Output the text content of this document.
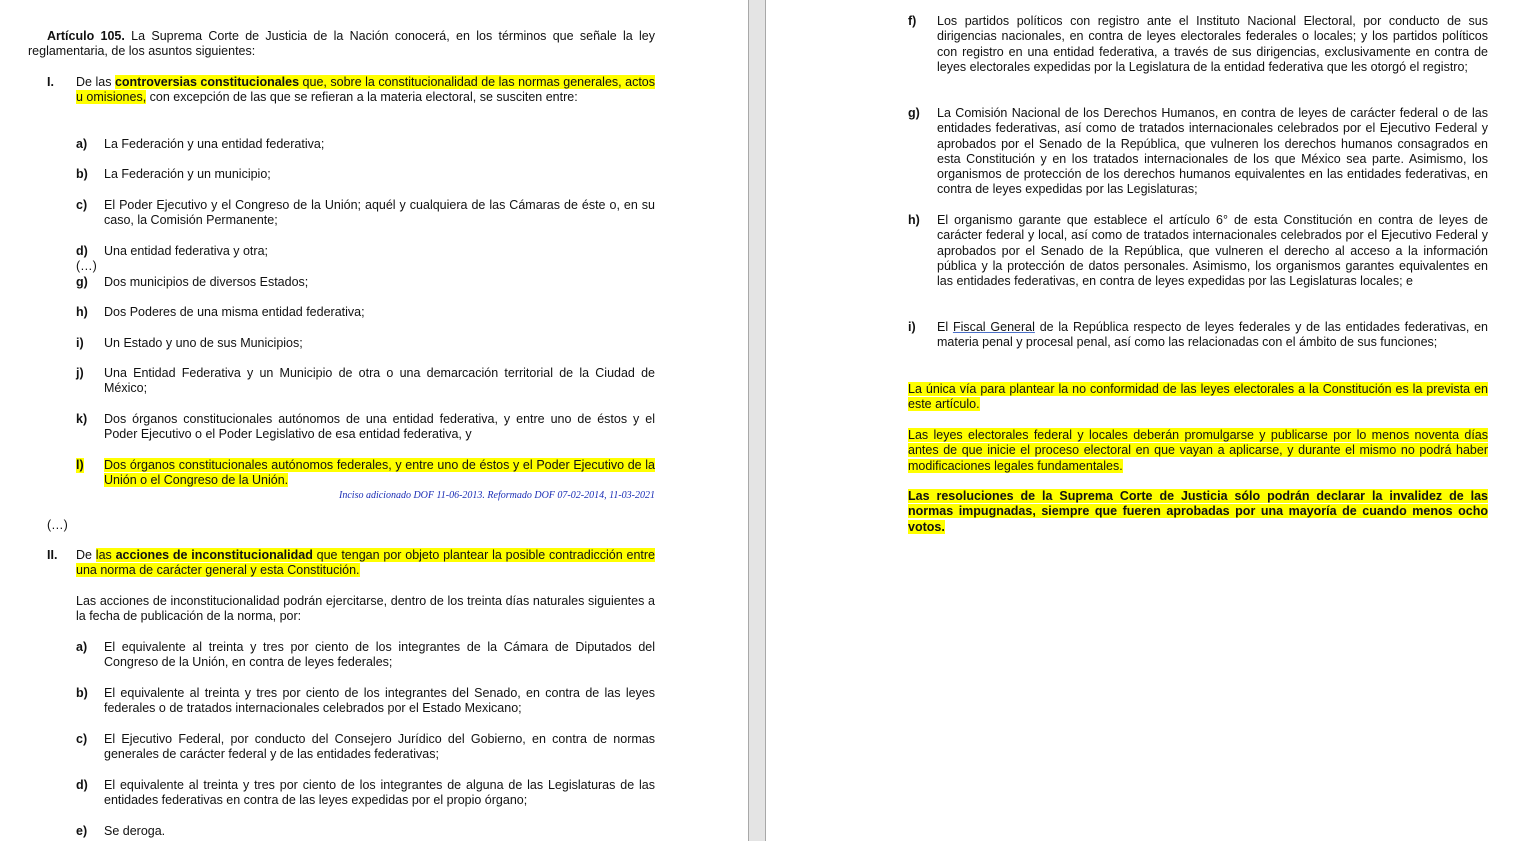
Artículo 105. La Suprema Corte de Justicia de la Nación conocerá, en los términos que señale la ley reglamentaria, de los asuntos siguientes:
I. De las controversias constitucionales que, sobre la constitucionalidad de las normas generales, actos u omisiones, con excepción de las que se refieran a la materia electoral, se susciten entre:
a) La Federación y una entidad federativa;
b) La Federación y un municipio;
c) El Poder Ejecutivo y el Congreso de la Unión; aquél y cualquiera de las Cámaras de éste o, en su caso, la Comisión Permanente;
d) Una entidad federativa y otra;
(…)
g) Dos municipios de diversos Estados;
h) Dos Poderes de una misma entidad federativa;
i) Un Estado y uno de sus Municipios;
j) Una Entidad Federativa y un Municipio de otra o una demarcación territorial de la Ciudad de México;
k) Dos órganos constitucionales autónomos de una entidad federativa, y entre uno de éstos y el Poder Ejecutivo o el Poder Legislativo de esa entidad federativa, y
l) Dos órganos constitucionales autónomos federales, y entre uno de éstos y el Poder Ejecutivo de la Unión o el Congreso de la Unión.
Inciso adicionado DOF 11-06-2013. Reformado DOF 07-02-2014, 11-03-2021
(…)
II. De las acciones de inconstitucionalidad que tengan por objeto plantear la posible contradicción entre una norma de carácter general y esta Constitución.
Las acciones de inconstitucionalidad podrán ejercitarse, dentro de los treinta días naturales siguientes a la fecha de publicación de la norma, por:
a) El equivalente al treinta y tres por ciento de los integrantes de la Cámara de Diputados del Congreso de la Unión, en contra de leyes federales;
b) El equivalente al treinta y tres por ciento de los integrantes del Senado, en contra de las leyes federales o de tratados internacionales celebrados por el Estado Mexicano;
c) El Ejecutivo Federal, por conducto del Consejero Jurídico del Gobierno, en contra de normas generales de carácter federal y de las entidades federativas;
d) El equivalente al treinta y tres por ciento de los integrantes de alguna de las Legislaturas de las entidades federativas en contra de las leyes expedidas por el propio órgano;
e) Se deroga.
f) Los partidos políticos con registro ante el Instituto Nacional Electoral, por conducto de sus dirigencias nacionales, en contra de leyes electorales federales o locales; y los partidos políticos con registro en una entidad federativa, a través de sus dirigencias, exclusivamente en contra de leyes electorales expedidas por la Legislatura de la entidad federativa que les otorgó el registro;
g) La Comisión Nacional de los Derechos Humanos, en contra de leyes de carácter federal o de las entidades federativas, así como de tratados internacionales celebrados por el Ejecutivo Federal y aprobados por el Senado de la República, que vulneren los derechos humanos consagrados en esta Constitución y en los tratados internacionales de los que México sea parte. Asimismo, los organismos de protección de los derechos humanos equivalentes en las entidades federativas, en contra de leyes expedidas por las Legislaturas;
h) El organismo garante que establece el artículo 6° de esta Constitución en contra de leyes de carácter federal y local, así como de tratados internacionales celebrados por el Ejecutivo Federal y aprobados por el Senado de la República, que vulneren el derecho al acceso a la información pública y la protección de datos personales. Asimismo, los organismos garantes equivalentes en las entidades federativas, en contra de leyes expedidas por las Legislaturas locales; e
i) El Fiscal General de la República respecto de leyes federales y de las entidades federativas, en materia penal y procesal penal, así como las relacionadas con el ámbito de sus funciones;
La única vía para plantear la no conformidad de las leyes electorales a la Constitución es la prevista en este artículo.
Las leyes electorales federal y locales deberán promulgarse y publicarse por lo menos noventa días antes de que inicie el proceso electoral en que vayan a aplicarse, y durante el mismo no podrá haber modificaciones legales fundamentales.
Las resoluciones de la Suprema Corte de Justicia sólo podrán declarar la invalidez de las normas impugnadas, siempre que fueren aprobadas por una mayoría de cuando menos ocho votos.
